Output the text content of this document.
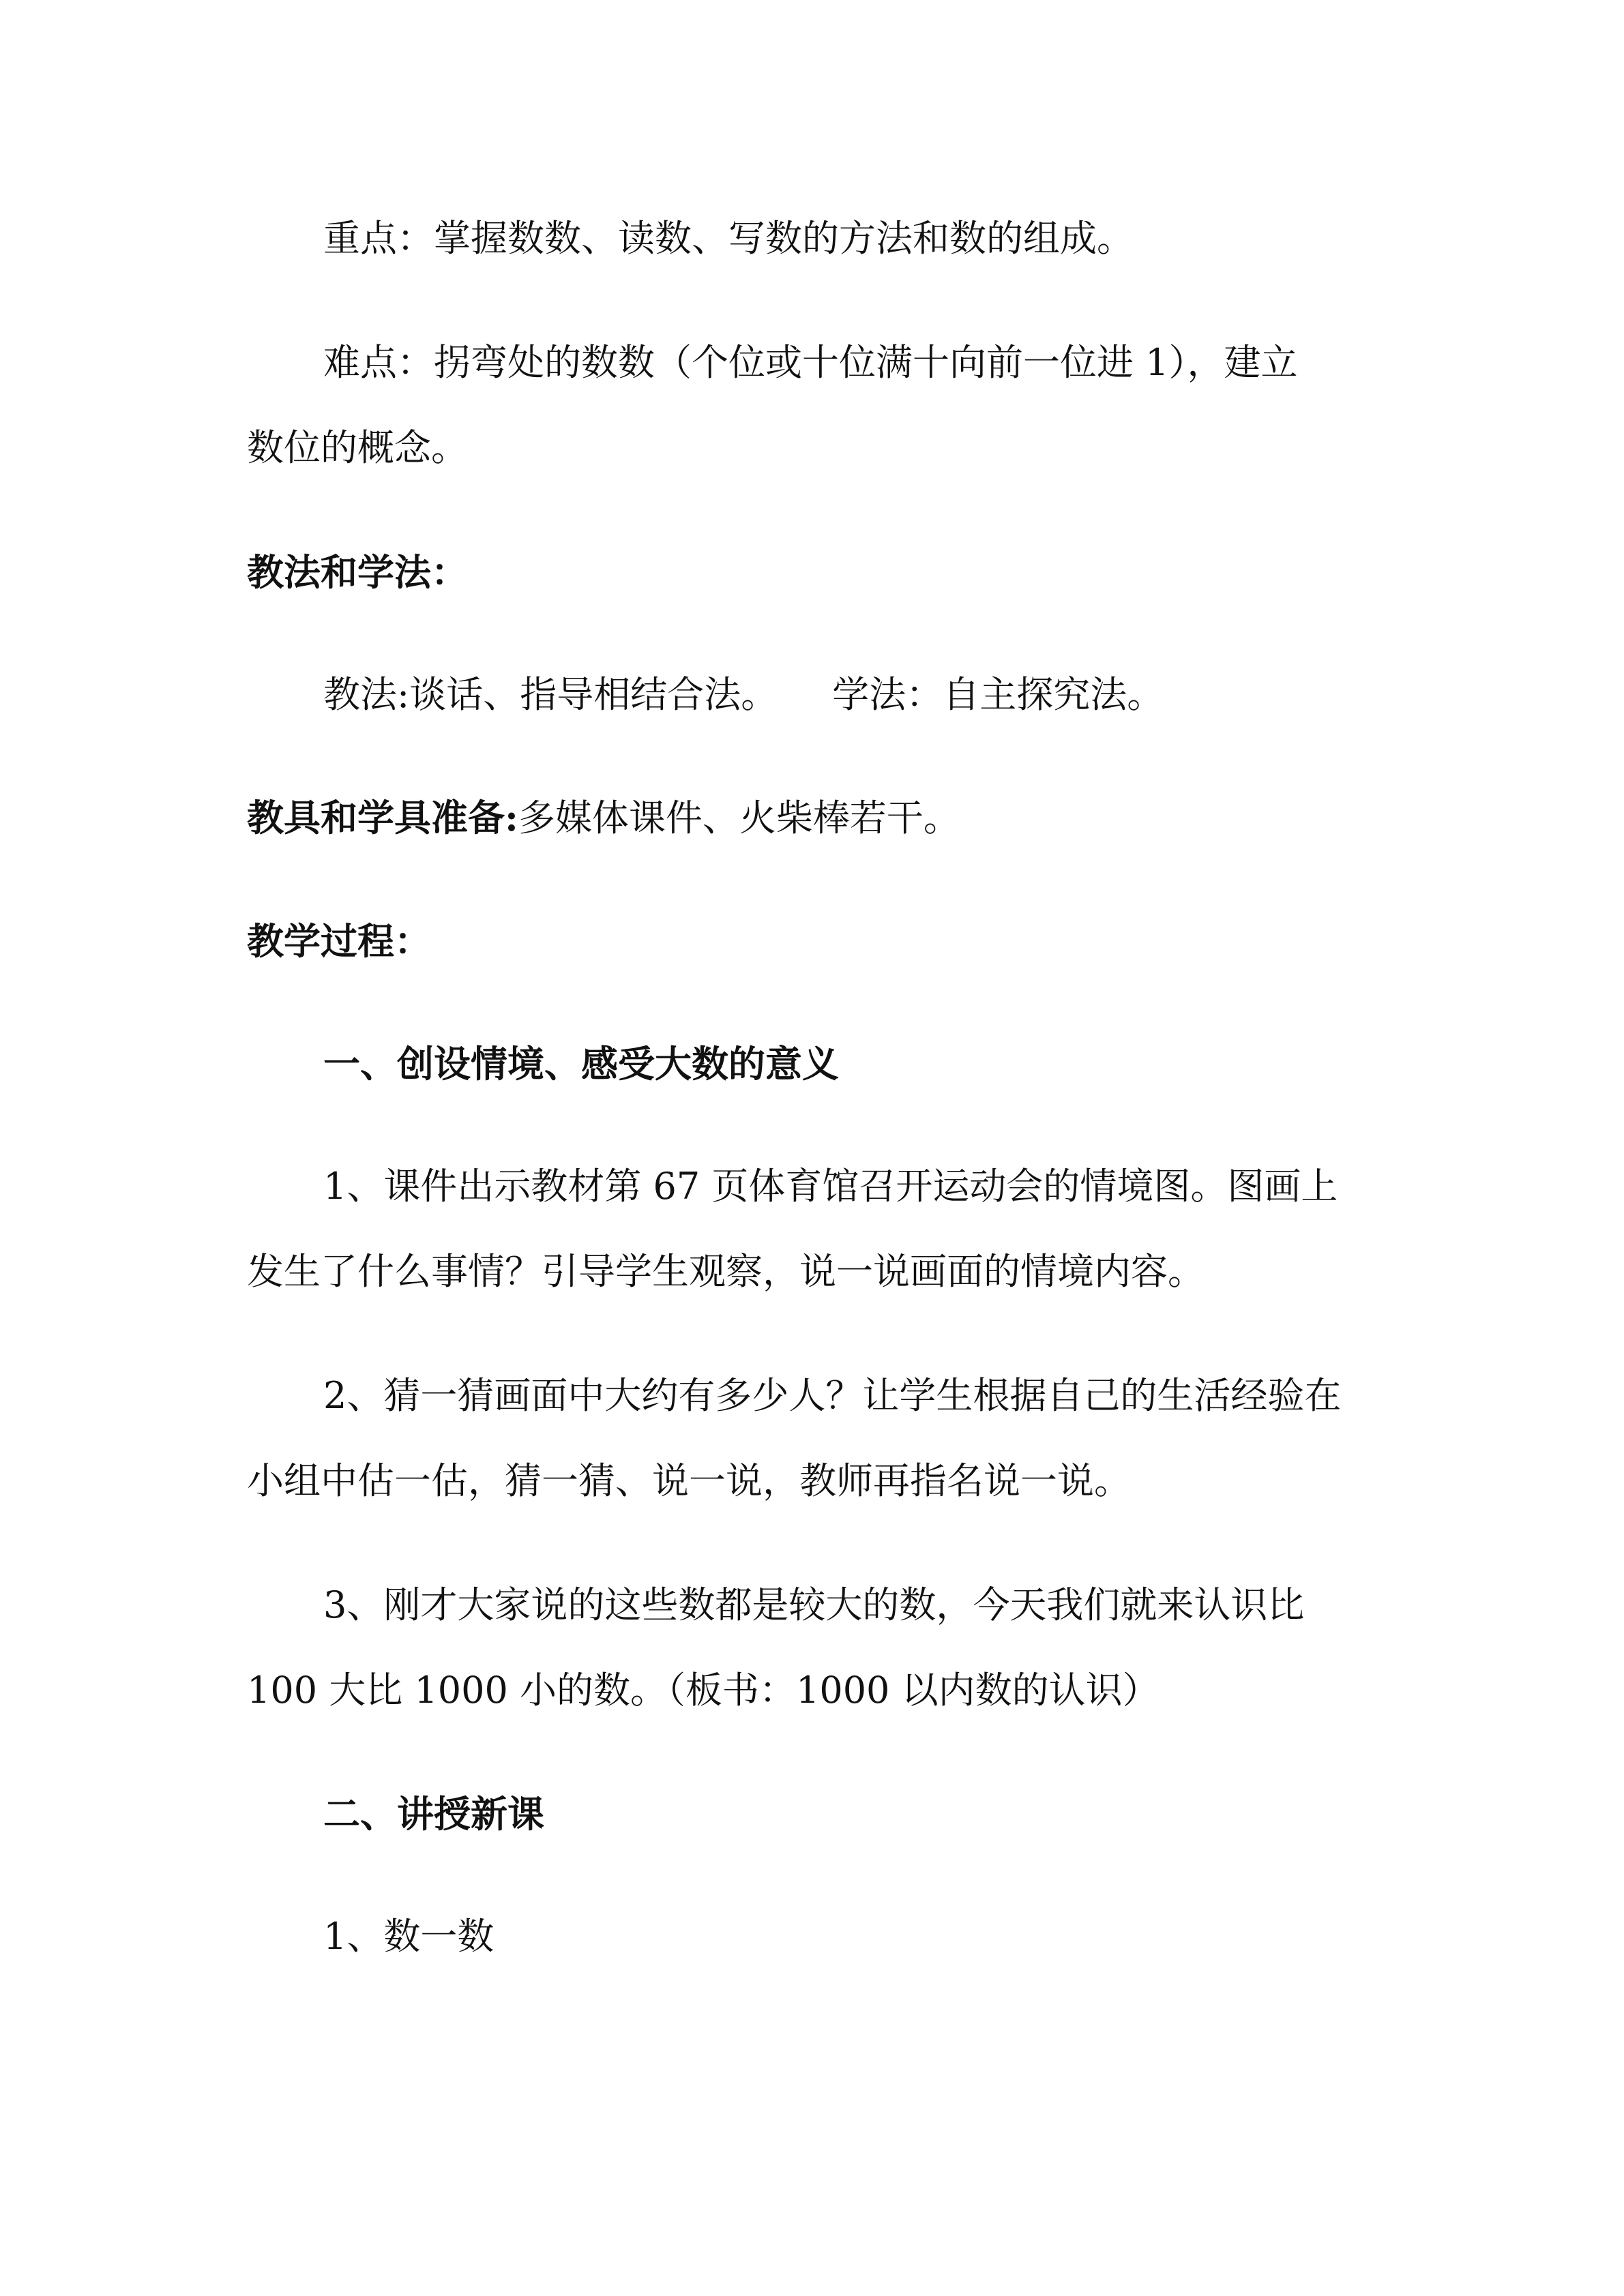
重点：掌握数数、读数、写数的方法和数的组成。
难点：拐弯处的数数（个位或十位满十向前一位进 1），建立
数位的概念。
教法和学法：
教法:谈话、指导相结合法。 学法：自主探究法。
教具和学具准备:多媒体课件、火柴棒若干。
教学过程：
一、创设情境、感受大数的意义
1、课件出示教材第 67 页体育馆召开运动会的情境图。图画上
发生了什么事情？引导学生观察，说一说画面的情境内容。
2、猜一猜画面中大约有多少人？让学生根据自己的生活经验在
小组中估一估，猜一猜、说一说，教师再指名说一说。
3、刚才大家说的这些数都是较大的数，今天我们就来认识比
100 大比 1000 小的数。（板书：1000 以内数的认识）
二、讲授新课
1、数一数
